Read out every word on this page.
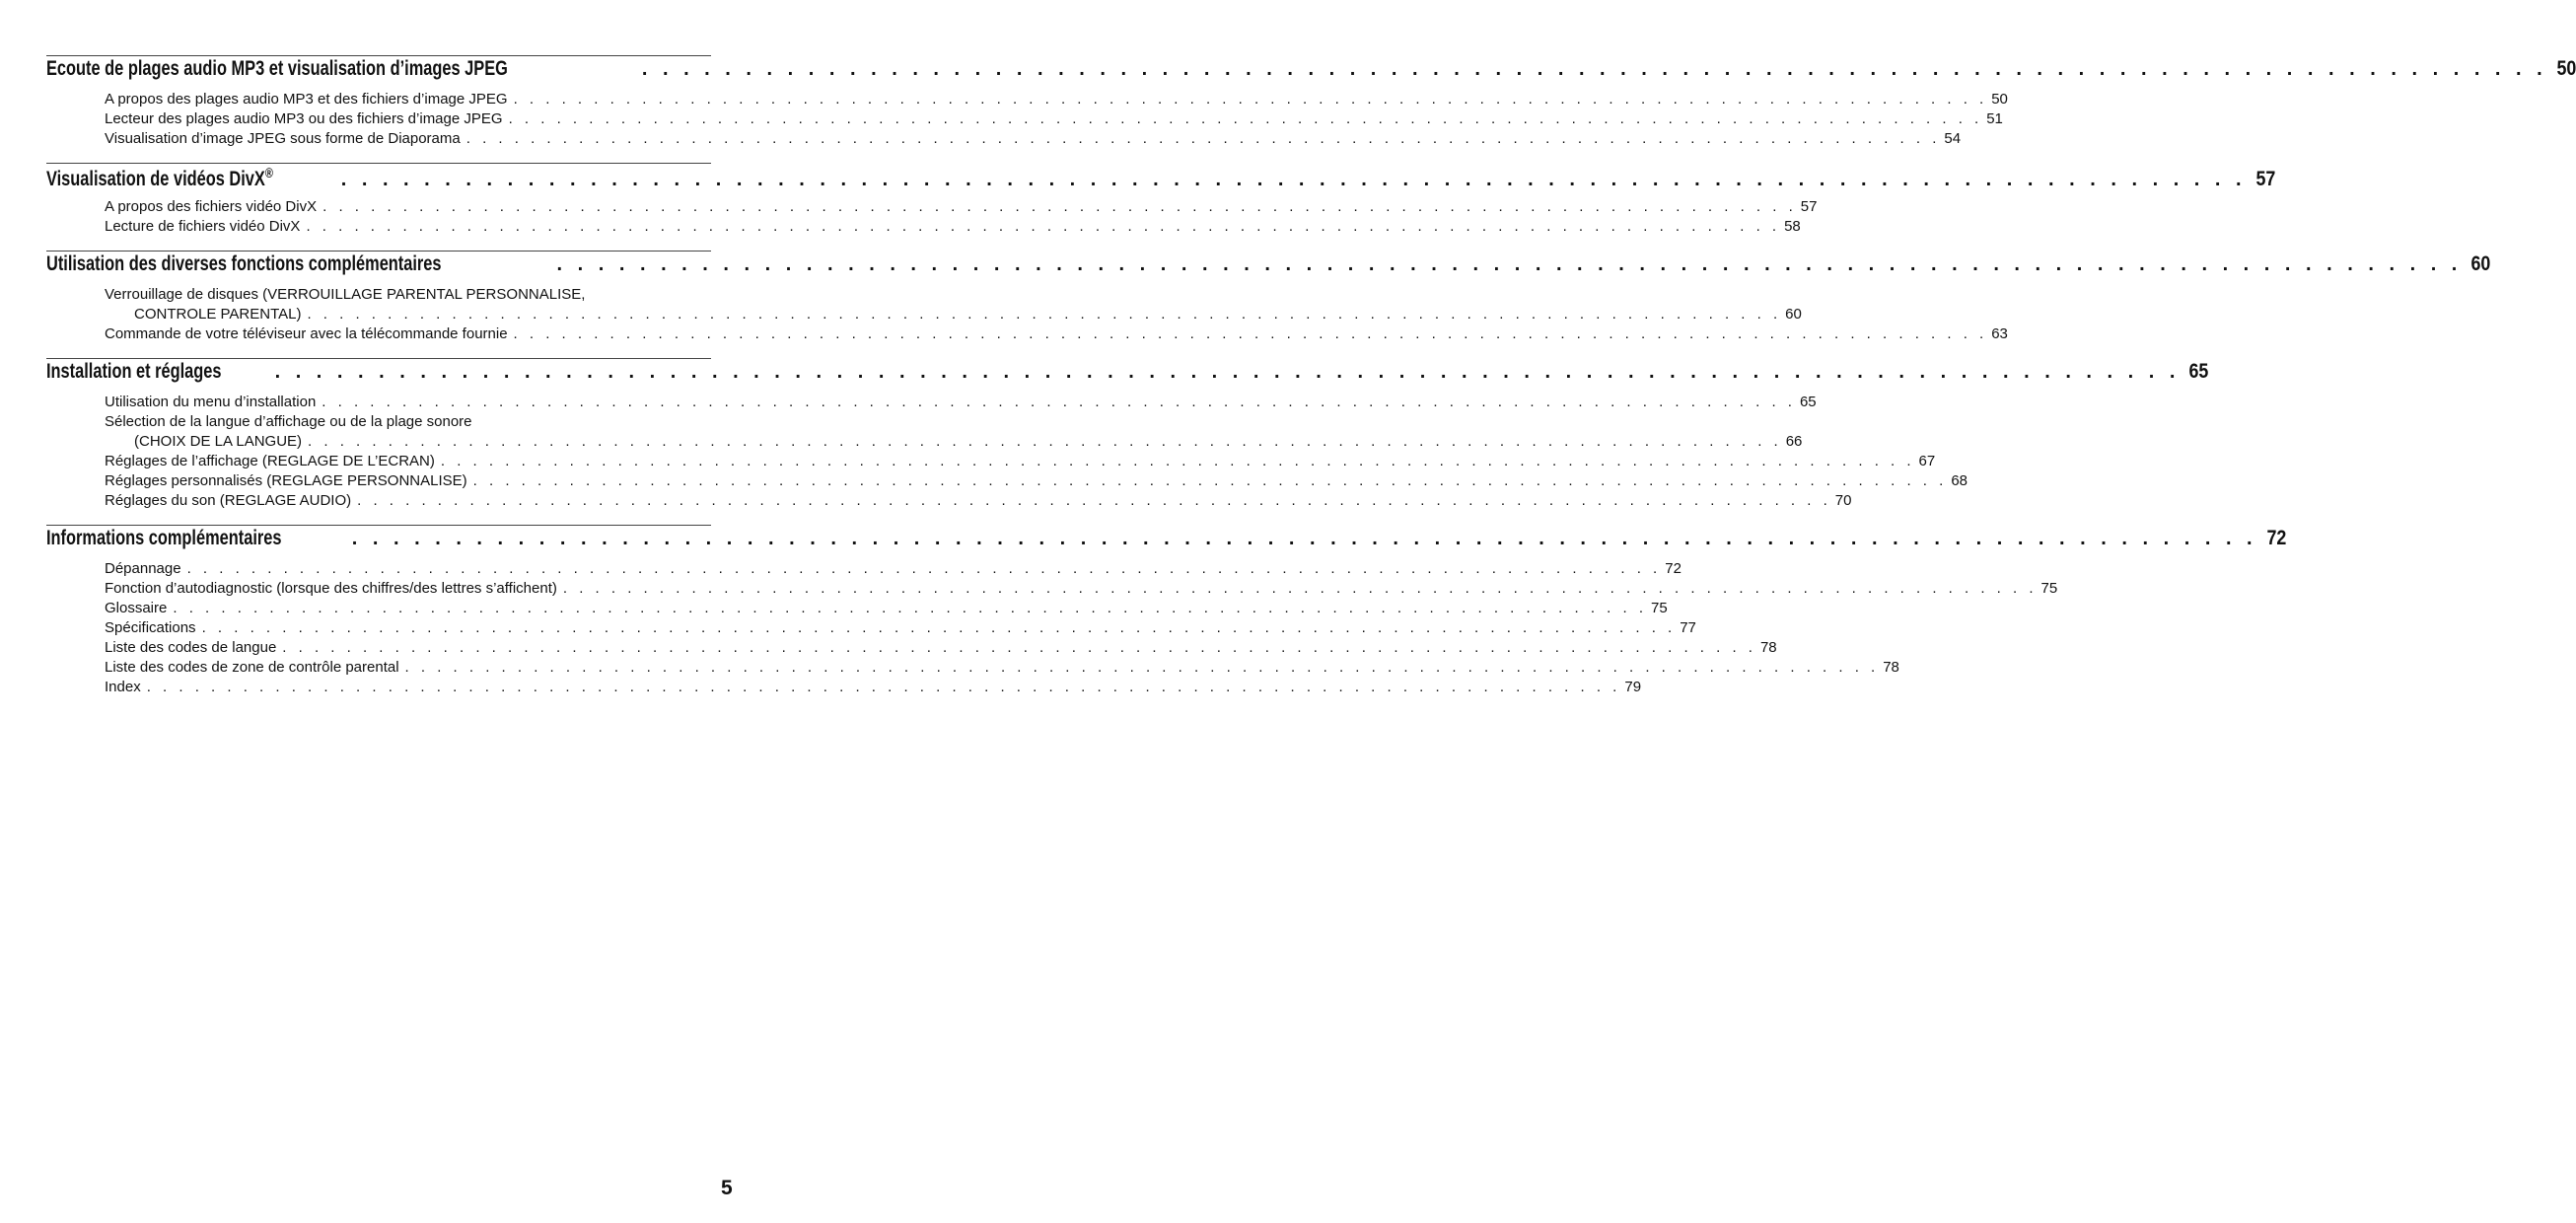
Ecoute de plages audio MP3 et visualisation d’images JPEG	. . . . . . . . . . . . . . . . . . . . . . . . . . . . . . . . . . . . . . . . . . . . . . . . . . . . . . . . . . . . . . . . . . . . . . . . . . . . . . . . . . . . . . . . . . . . 50
A propos des plages audio MP3 et des fichiers d’image JPEG . . . . . . . . . . . . . . . . . . . . . . . . . . . . . . . . . . . . . . . . . . . . . . . . . . . . . . . . . . . . . . . . . . . . . . . . . . . . . . . . . . . . . . . . . . . . 50
Lecteur des plages audio MP3 ou des fichiers d’image JPEG . . . . . . . . . . . . . . . . . . . . . . . . . . . . . . . . . . . . . . . . . . . . . . . . . . . . . . . . . . . . . . . . . . . . . . . . . . . . . . . . . . . . . . . . . . . . 51
Visualisation d’image JPEG sous forme de Diaporama . . . . . . . . . . . . . . . . . . . . . . . . . . . . . . . . . . . . . . . . . . . . . . . . . . . . . . . . . . . . . . . . . . . . . . . . . . . . . . . . . . . . . . . . . . . . 54
Visualisation de vidéos DivX®	. . . . . . . . . . . . . . . . . . . . . . . . . . . . . . . . . . . . . . . . . . . . . . . . . . . . . . . . . . . . . . . . . . . . . . . . . . . . . . . . . . . . . . . . . . . . 57
A propos des fichiers vidéo DivX . . . . . . . . . . . . . . . . . . . . . . . . . . . . . . . . . . . . . . . . . . . . . . . . . . . . . . . . . . . . . . . . . . . . . . . . . . . . . . . . . . . . . . . . . . . . 57
Lecture de fichiers vidéo DivX . . . . . . . . . . . . . . . . . . . . . . . . . . . . . . . . . . . . . . . . . . . . . . . . . . . . . . . . . . . . . . . . . . . . . . . . . . . . . . . . . . . . . . . . . . . . 58
Utilisation des diverses fonctions complémentaires	. . . . . . . . . . . . . . . . . . . . . . . . . . . . . . . . . . . . . . . . . . . . . . . . . . . . . . . . . . . . . . . . . . . . . . . . . . . . . . . . . . . . . . . . . . . . 60
Verrouillage de disques (VERROUILLAGE PARENTAL PERSONNALISE,
CONTROLE PARENTAL) . . . . . . . . . . . . . . . . . . . . . . . . . . . . . . . . . . . . . . . . . . . . . . . . . . . . . . . . . . . . . . . . . . . . . . . . . . . . . . . . . . . . . . . . . . . . 60
Commande de votre téléviseur avec la télécommande fournie . . . . . . . . . . . . . . . . . . . . . . . . . . . . . . . . . . . . . . . . . . . . . . . . . . . . . . . . . . . . . . . . . . . . . . . . . . . . . . . . . . . . . . . . . . . . 63
Installation et réglages	. . . . . . . . . . . . . . . . . . . . . . . . . . . . . . . . . . . . . . . . . . . . . . . . . . . . . . . . . . . . . . . . . . . . . . . . . . . . . . . . . . . . . . . . . . . . 65
Utilisation du menu d’installation . . . . . . . . . . . . . . . . . . . . . . . . . . . . . . . . . . . . . . . . . . . . . . . . . . . . . . . . . . . . . . . . . . . . . . . . . . . . . . . . . . . . . . . . . . . . 65
Sélection de la langue d’affichage ou de la plage sonore
(CHOIX DE LA LANGUE) . . . . . . . . . . . . . . . . . . . . . . . . . . . . . . . . . . . . . . . . . . . . . . . . . . . . . . . . . . . . . . . . . . . . . . . . . . . . . . . . . . . . . . . . . . . . 66
Réglages de l’affichage (REGLAGE DE L’ECRAN) . . . . . . . . . . . . . . . . . . . . . . . . . . . . . . . . . . . . . . . . . . . . . . . . . . . . . . . . . . . . . . . . . . . . . . . . . . . . . . . . . . . . . . . . . . . . 67
Réglages personnalisés (REGLAGE PERSONNALISE) . . . . . . . . . . . . . . . . . . . . . . . . . . . . . . . . . . . . . . . . . . . . . . . . . . . . . . . . . . . . . . . . . . . . . . . . . . . . . . . . . . . . . . . . . . . . 68
Réglages du son (REGLAGE AUDIO) . . . . . . . . . . . . . . . . . . . . . . . . . . . . . . . . . . . . . . . . . . . . . . . . . . . . . . . . . . . . . . . . . . . . . . . . . . . . . . . . . . . . . . . . . . . . 70
Informations complémentaires	. . . . . . . . . . . . . . . . . . . . . . . . . . . . . . . . . . . . . . . . . . . . . . . . . . . . . . . . . . . . . . . . . . . . . . . . . . . . . . . . . . . . . . . . . . . . 72
Dépannage . . . . . . . . . . . . . . . . . . . . . . . . . . . . . . . . . . . . . . . . . . . . . . . . . . . . . . . . . . . . . . . . . . . . . . . . . . . . . . . . . . . . . . . . . . . . 72
Fonction d’autodiagnostic (lorsque des chiffres/des lettres s’affichent) . . . . . . . . . . . . . . . . . . . . . . . . . . . . . . . . . . . . . . . . . . . . . . . . . . . . . . . . . . . . . . . . . . . . . . . . . . . . . . . . . . . . . . . . . . . . 75
Glossaire . . . . . . . . . . . . . . . . . . . . . . . . . . . . . . . . . . . . . . . . . . . . . . . . . . . . . . . . . . . . . . . . . . . . . . . . . . . . . . . . . . . . . . . . . . . . 75
Spécifications . . . . . . . . . . . . . . . . . . . . . . . . . . . . . . . . . . . . . . . . . . . . . . . . . . . . . . . . . . . . . . . . . . . . . . . . . . . . . . . . . . . . . . . . . . . . 77
Liste des codes de langue . . . . . . . . . . . . . . . . . . . . . . . . . . . . . . . . . . . . . . . . . . . . . . . . . . . . . . . . . . . . . . . . . . . . . . . . . . . . . . . . . . . . . . . . . . . . 78
Liste des codes de zone de contrôle parental . . . . . . . . . . . . . . . . . . . . . . . . . . . . . . . . . . . . . . . . . . . . . . . . . . . . . . . . . . . . . . . . . . . . . . . . . . . . . . . . . . . . . . . . . . . . 78
Index . . . . . . . . . . . . . . . . . . . . . . . . . . . . . . . . . . . . . . . . . . . . . . . . . . . . . . . . . . . . . . . . . . . . . . . . . . . . . . . . . . . . . . . . . . . . 79
5
